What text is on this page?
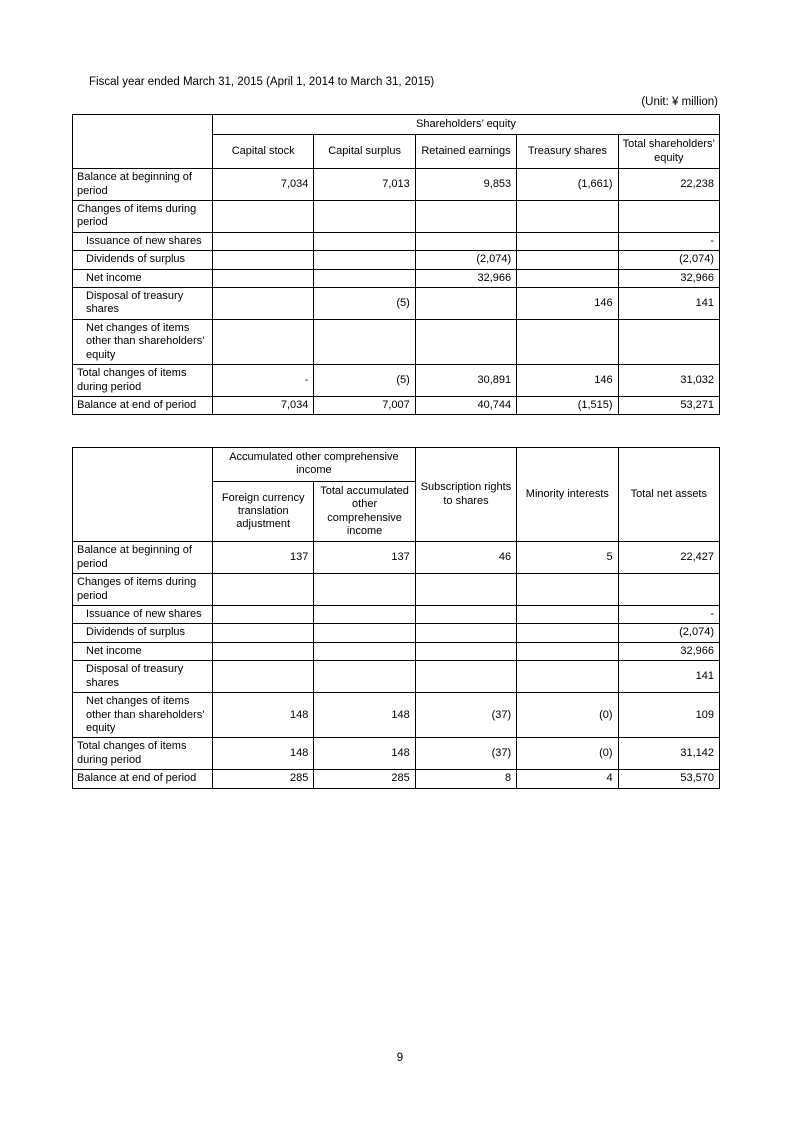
Fiscal year ended March 31, 2015 (April 1, 2014 to March 31, 2015)
(Unit: ¥ million)
	Shareholders’ equity				
	Capital stock	Capital surplus	Retained earnings	Treasury shares	Total shareholders’ equity
Balance at beginning of period	7,034	7,013	9,853	(1,661)	22,238
Changes of items during period					
Issuance of new shares					-
Dividends of surplus			(2,074)		(2,074)
Net income			32,966		32,966
Disposal of treasury shares		(5)		146	141
Net changes of items other than shareholders’ equity					
Total changes of items during period	-	(5)	30,891	146	31,032
Balance at end of period	7,034	7,007	40,744	(1,515)	53,271
	Accumulated other comprehensive income		Subscription rights to shares	Minority interests	Total net assets
	Foreign currency translation adjustment	Total accumulated other comprehensive income			
Balance at beginning of period	137	137	46	5	22,427
Changes of items during period					
Issuance of new shares					-
Dividends of surplus					(2,074)
Net income					32,966
Disposal of treasury shares					141
Net changes of items other than shareholders’ equity	148	148	(37)	(0)	109
Total changes of items during period	148	148	(37)	(0)	31,142
Balance at end of period	285	285	8	4	53,570
9
